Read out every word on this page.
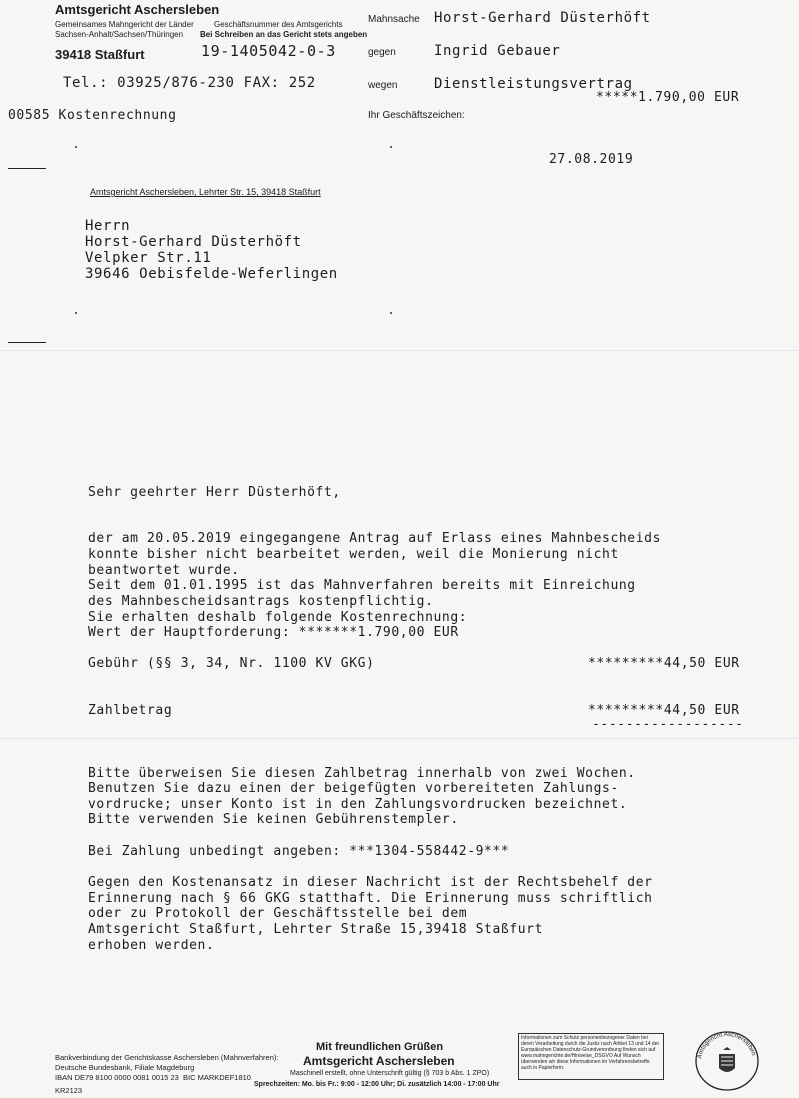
Amtsgericht Aschersleben
Gemeinsames Mahngericht der Länder
Sachsen-Anhalt/Sachsen/Thüringen
39418 Staßfurt
Tel.: 03925/876-230 FAX: 252
Geschäftsnummer des Amtsgerichts
Bei Schreiben an das Gericht stets angeben
19-1405042-0-3
Mahnsache Horst-Gerhard Düsterhöft
gegen	Ingrid Gebauer
wegen	Dienstleistungsvertrag
*****1.790,00 EUR
00585 Kostenrechnung	Ihr Geschäftszeichen:
27.08.2019
Amtsgericht Aschersleben, Lehrter Str. 15, 39418 Staßfurt
Herrn
Horst-Gerhard Düsterhöft
Velpker Str.11
39646 Oebisfelde-Weferlingen
Sehr geehrter Herr Düsterhöft,
der am 20.05.2019 eingegangene Antrag auf Erlass eines Mahnbescheids
konnte bisher nicht bearbeitet werden, weil die Monierung nicht
beantwortet wurde.
Seit dem 01.01.1995 ist das Mahnverfahren bereits mit Einreichung
des Mahnbescheidsantrags kostenpflichtig.
Sie erhalten deshalb folgende Kostenrechnung:
Wert der Hauptforderung: *******1.790,00 EUR
Gebühr (§§ 3, 34, Nr. 1100 KV GKG)	*********44,50 EUR
Zahlbetrag	*********44,50 EUR
------------------
Bitte überweisen Sie diesen Zahlbetrag innerhalb von zwei Wochen.
Benutzen Sie dazu einen der beigefügten vorbereiteten Zahlungs-
vordrucke; unser Konto ist in den Zahlungsvordrucken bezeichnet.
Bitte verwenden Sie keinen Gebührenstempler.
Bei Zahlung unbedingt angeben: ***1304-558442-9***
Gegen den Kostenansatz in dieser Nachricht ist der Rechtsbehelf der
Erinnerung nach § 66 GKG statthaft. Die Erinnerung muss schriftlich
oder zu Protokoll der Geschäftsstelle bei dem
Amtsgericht Staßfurt, Lehrter Straße 15,39418 Staßfurt
erhoben werden.
Mit freundlichen Grüßen
Amtsgericht Aschersleben
Maschinell erstellt, ohne Unterschrift gültig (§ 703 b Abs. 1 ZPO)
Sprechzeiten: Mo. bis Fr.: 9:00 - 12:00 Uhr; Di. zusätzlich 14:00 - 17:00 Uhr
Bankverbindung der Gerichtskasse Aschersleben (Mahnverfahren):
Deutsche Bundesbank, Filiale Magdeburg
IBAN DE79 8100 0000 0081 0015 23  BIC MARKDEF1810
KR2123
Informationen zum Schutz personenbezogener Daten bei deren Verarbeitung durch die Justiz nach Artikel 13 und 14 der Europäischen Datenschutz-Grundverordnung finden sich auf www.mahngerichte.de/Hinweise_DSGVO Auf Wunsch übersenden wir diese Informationen im Verfahrensbetreffe auch in Papierform.
Amtsgericht Aschersleben
